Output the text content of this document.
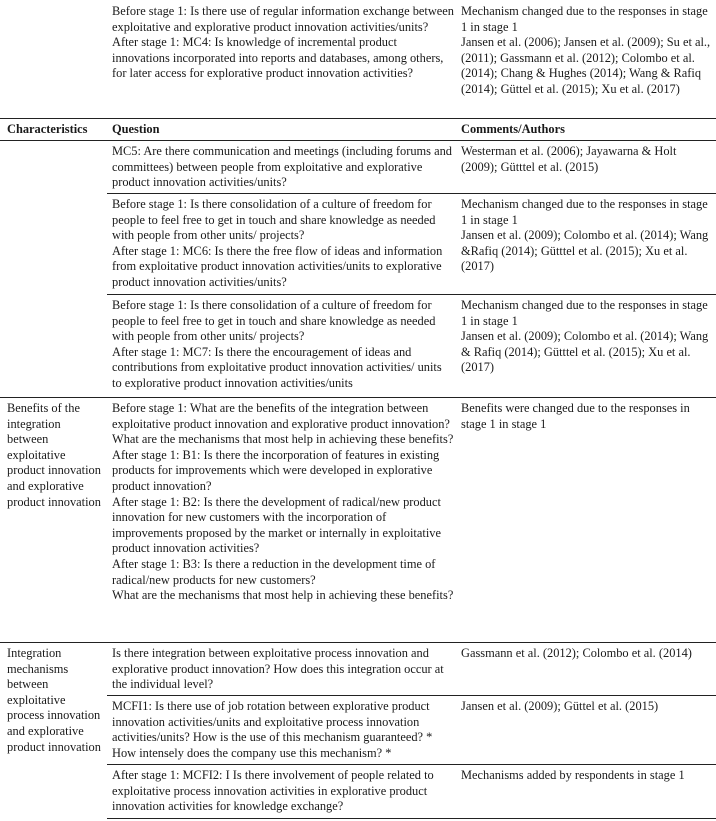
Before stage 1: Is there use of regular information exchange between exploitative and explorative product innovation activities/units?

After stage 1: MC4: Is knowledge of incremental product innovations incorporated into reports and databases, among others, for later access for explorative product innovation activities?

Mechanism changed due to the responses in stage 1 in stage 1

Jansen et al. (2006); Jansen et al. (2009); Su et al., (2011); Gassmann et al. (2012); Colombo et al. (2014); Chang & Hughes (2014); Wang & Rafiq (2014); Güttel et al. (2015); Xu et al. (2017)

Characteristics	Question	Comments/Authors

MC5: Are there communication and meetings (including forums and committees) between people from exploitative and explorative product innovation activities/units?

Westerman et al. (2006); Jayawarna & Holt (2009); Gütttel et al. (2015)

Before stage 1: Is there consolidation of a culture of freedom for people to feel free to get in touch and share knowledge as needed with people from other units/ projects?

After stage 1: MC6: Is there the free flow of ideas and information from exploitative product innovation activities/units to explorative product innovation activities/units?

Mechanism changed due to the responses in stage 1 in stage 1

Jansen et al. (2009); Colombo et al. (2014); Wang &Rafiq (2014); Gütttel et al. (2015); Xu et al. (2017)

Before stage 1: Is there consolidation of a culture of freedom for people to feel free to get in touch and share knowledge as needed with people from other units/ projects?

After stage 1: MC7: Is there the encouragement of ideas and contributions from exploitative product innovation activities/ units to explorative product innovation activities/units

Mechanism changed due to the responses in stage 1 in stage 1

Jansen et al. (2009); Colombo et al. (2014); Wang & Rafiq (2014); Gütttel et al. (2015); Xu et al. (2017)

Benefits of the integration between exploitative product innovation and explorative product innovation

Before stage 1: What are the benefits of the integration between exploitative product innovation and explorative product innovation? What are the mechanisms that most help in achieving these benefits?

After stage 1: B1: Is there the incorporation of features in existing products for improvements which were developed in explorative product innovation?

After stage 1: B2: Is there the development of radical/new product innovation for new customers with the incorporation of improvements proposed by the market or internally in exploitative product innovation activities?

After stage 1: B3: Is there a reduction in the development time of radical/new products for new customers?

What are the mechanisms that most help in achieving these benefits?

Benefits were changed due to the responses in stage 1 in stage 1

Integration mechanisms between exploitative process innovation and explorative product innovation

Is there integration between exploitative process innovation and explorative product innovation? How does this integration occur at the individual level?

Gassmann et al. (2012); Colombo et al. (2014)

MCFI1: Is there use of job rotation between explorative product innovation activities/units and exploitative process innovation activities/units? How is the use of this mechanism guaranteed? * How intensely does the company use this mechanism? *

Jansen et al. (2009); Güttel et al. (2015)

After stage 1: MCFI2: I Is there involvement of people related to exploitative process innovation activities in explorative product innovation activities for knowledge exchange?

Mechanisms added by respondents in stage 1
